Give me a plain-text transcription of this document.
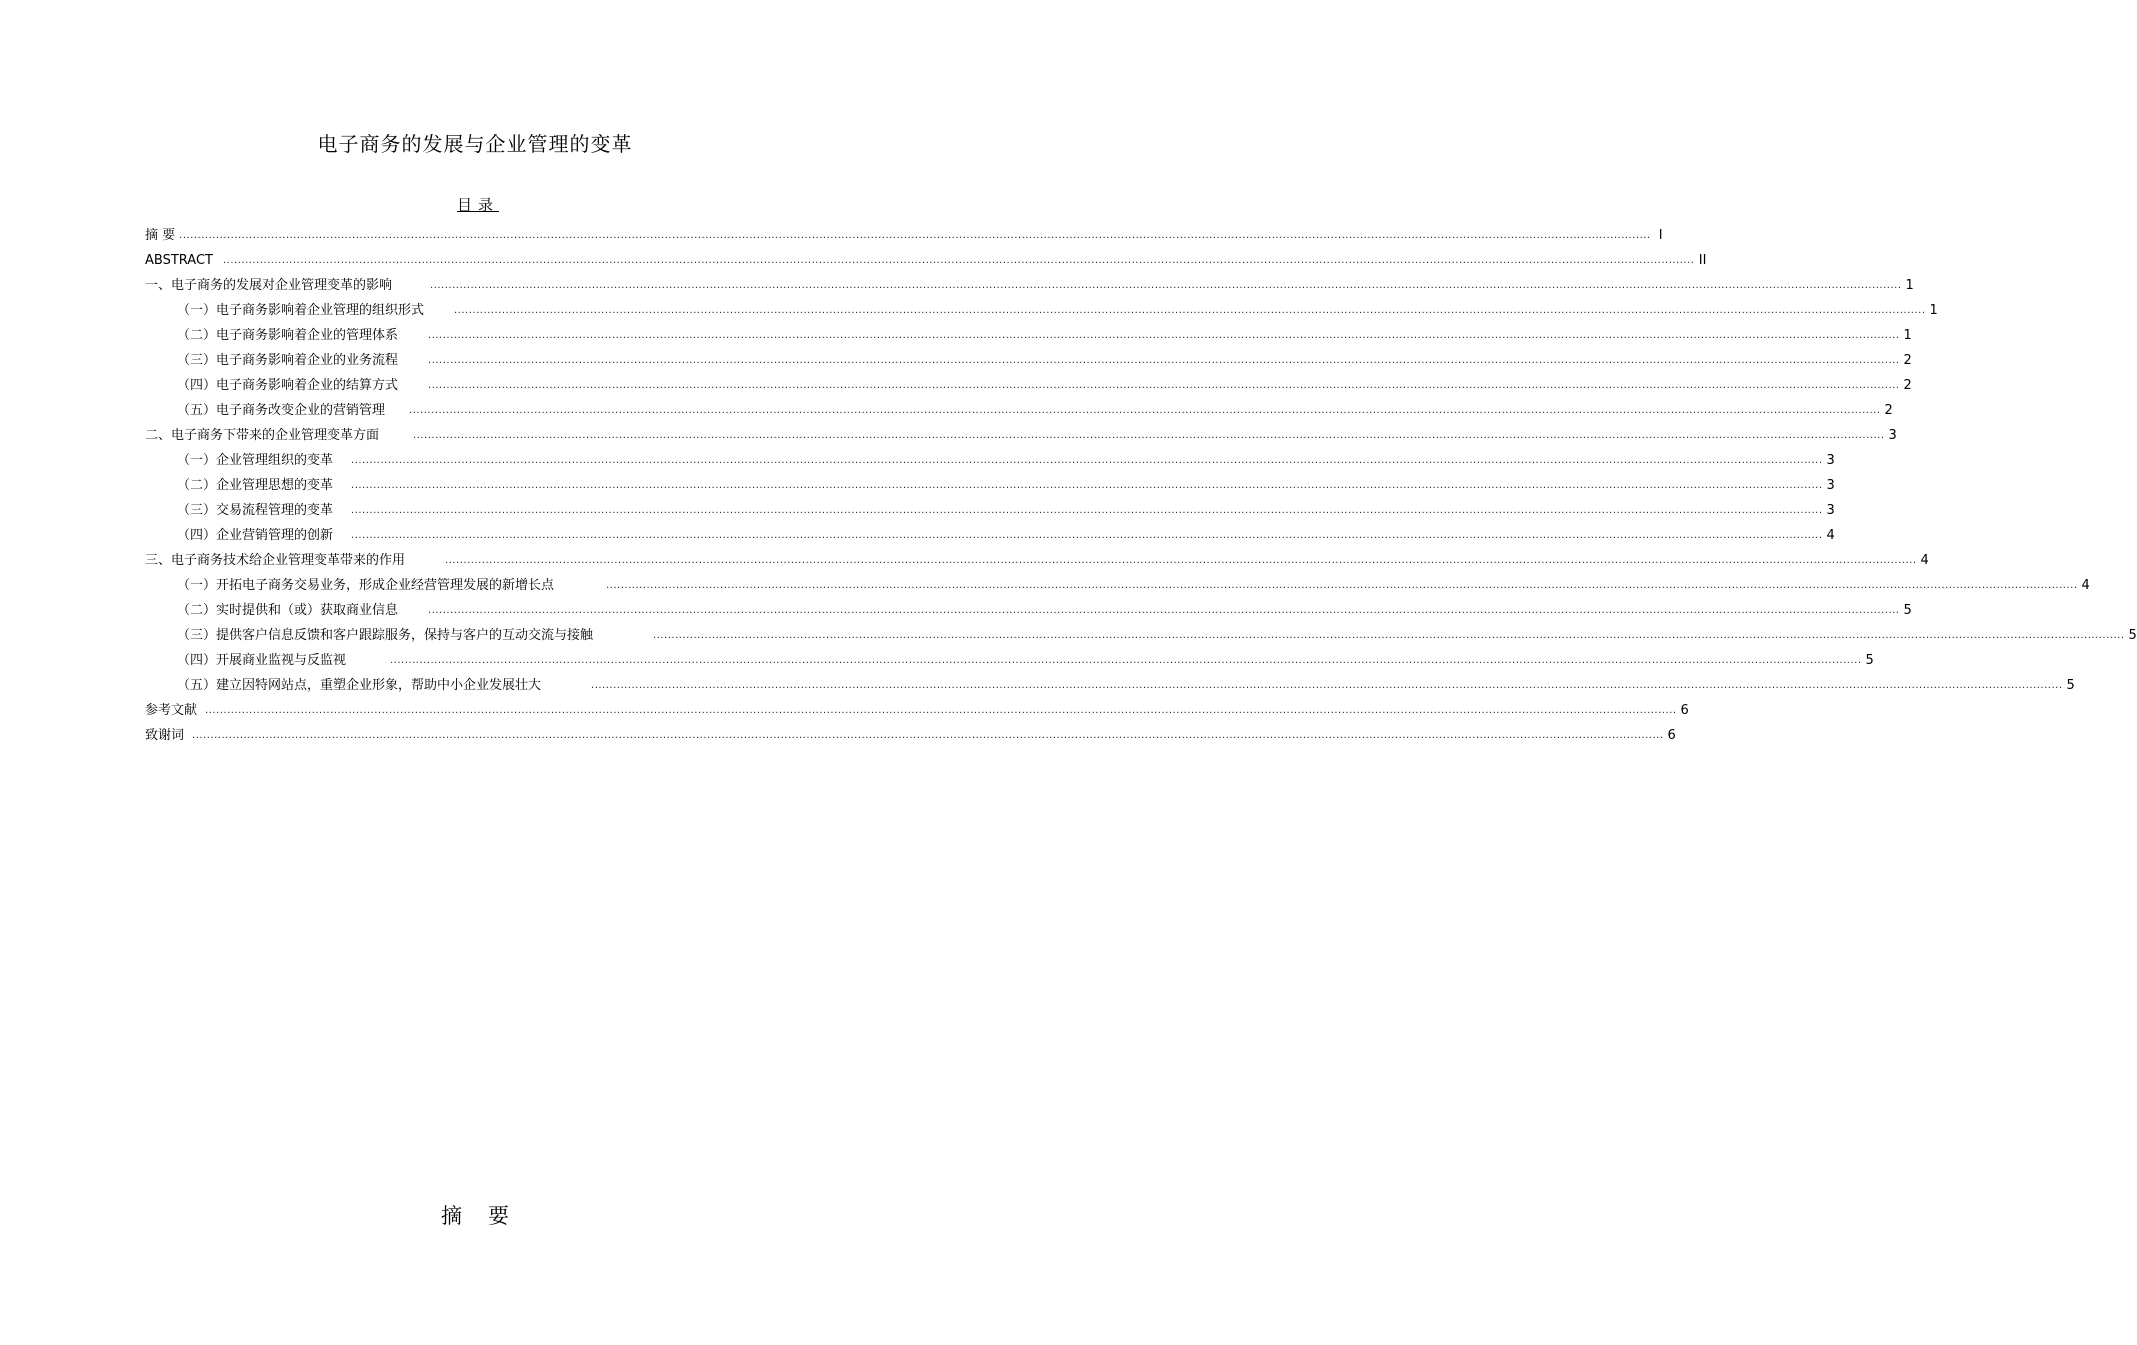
电子商务的发展与企业管理的变革
目录
摘 要 ................................................................................................................................................................................................................................................................................................................................................................................................................ I
ABSTRACT ................................................................................................................................................................................................................................................................................................................................................................................................................ II
一、电子商务的发展对企业管理变革的影响	................................................................................................................................................................................................................................................................................................................................................................................................................ 1
（一）电子商务影响着企业管理的组织形式	................................................................................................................................................................................................................................................................................................................................................................................................................ 1
（二）电子商务影响着企业的管理体系	................................................................................................................................................................................................................................................................................................................................................................................................................ 1
（三）电子商务影响着企业的业务流程	................................................................................................................................................................................................................................................................................................................................................................................................................ 2
（四）电子商务影响着企业的结算方式	................................................................................................................................................................................................................................................................................................................................................................................................................ 2
（五）电子商务改变企业的营销管理 ................................................................................................................................................................................................................................................................................................................................................................................................................ 2
二、电子商务下带来的企业管理变革方面	................................................................................................................................................................................................................................................................................................................................................................................................................ 3
（一）企业管理组织的变革 ................................................................................................................................................................................................................................................................................................................................................................................................................ 3
（二）企业管理思想的变革 ................................................................................................................................................................................................................................................................................................................................................................................................................ 3
（三）交易流程管理的变革 ................................................................................................................................................................................................................................................................................................................................................................................................................ 3
（四）企业营销管理的创新 ................................................................................................................................................................................................................................................................................................................................................................................................................ 4
三、电子商务技术给企业管理变革带来的作用	................................................................................................................................................................................................................................................................................................................................................................................................................ 4
（一）开拓电子商务交易业务，形成企业经营管理发展的新增长点	................................................................................................................................................................................................................................................................................................................................................................................................................ 4
（二）实时提供和（或）获取商业信息	................................................................................................................................................................................................................................................................................................................................................................................................................ 5
（三）提供客户信息反馈和客户跟踪服务，保持与客户的互动交流与接触	................................................................................................................................................................................................................................................................................................................................................................................................................ 5
（四）开展商业监视与反监视	................................................................................................................................................................................................................................................................................................................................................................................................................ 5
（五）建立因特网站点，重塑企业形象，帮助中小企业发展壮大	................................................................................................................................................................................................................................................................................................................................................................................................................ 5
参考文献 ................................................................................................................................................................................................................................................................................................................................................................................................................ 6
致谢词 ................................................................................................................................................................................................................................................................................................................................................................................................................ 6
摘要
